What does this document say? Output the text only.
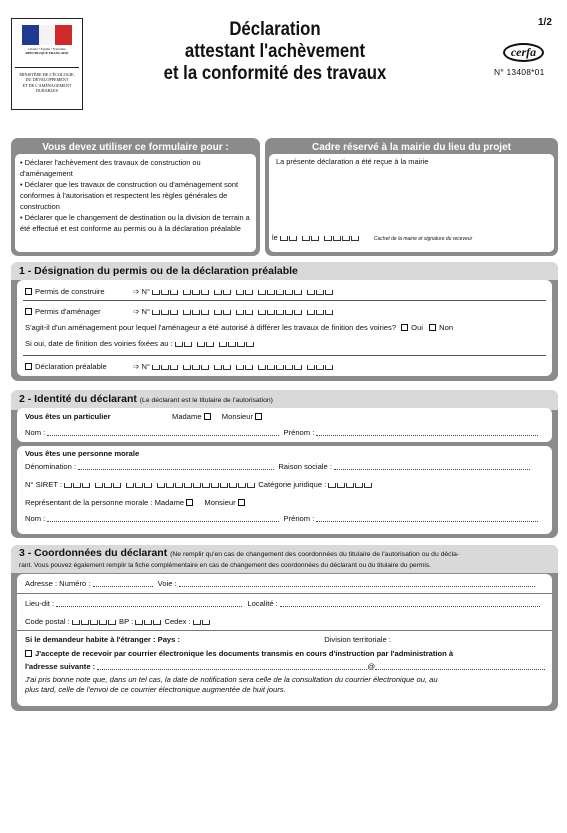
Liberté • Égalité • Fraternité
RÉPUBLIQUE FRANÇAISE
MINISTÈRE DE L'ÉCOLOGIE,
DU DÉVELOPPEMENT
ET DE L'AMÉNAGEMENT
DURABLES
Déclaration
attestant l'achèvement
et la conformité des travaux
1/2
cerfa
N° 13408*01
Vous devez utiliser ce formulaire pour :
• Déclarer l'achèvement des travaux de construction ou d'aménagement
• Déclarer que les travaux de construction ou d'aménagement sont conformes à l'autorisation et respectent les règles générales de construction
• Déclarer que le changement de destination ou la division de terrain a été effectué et est conforme au permis ou à la déclaration préalable
Cadre réservé à la mairie du lieu du projet
La présente déclaration a été reçue à la mairie
le	Cachet de la mairie et signature du receveur
1 - Désignation du permis ou de la déclaration préalable
Permis de construire	➩ N°
Permis d'aménager	➩ N°
S'agit-il d'un aménagement pour lequel l'aménageur a été autorisé à différer les travaux de finition des voiries? Oui Non
Si oui, date de finition des voiries fixées au :
Déclaration préalable	➩ N°
2 - Identité du déclarant (Le déclarant est le titulaire de l'autorisation)
Vous êtes un particulier	Madame	Monsieur
Nom :	Prénom :
Vous êtes une personne morale
Dénomination :	Raison sociale :
N° SIRET :	Catégorie juridique :
Représentant de la personne morale : Madame	Monsieur
Nom :	Prénom :
3 - Coordonnées du déclarant (Ne remplir qu'en cas de changement des coordonnées du titulaire de l'autorisation ou du décla-
rant. Vous pouvez également remplir la fiche complémentaire en cas de changement des coordonnées du déclarant ou du titulaire du permis.
Adresse : Numéro :	Voie :
Lieu-dit :	Localité :
Code postal :	BP :	Cedex :
Si le demandeur habite à l'étranger : Pays :	Division territoriale :
J'accepte de recevoir par courrier électronique les documents transmis en cours d'instruction par l'administration à
l'adresse suivante :	@
J'ai pris bonne note que, dans un tel cas, la date de notification sera celle de la consultation du courrier électronique ou, au
plus tard, celle de l'envoi de ce courrier électronique augmentée de huit jours.
